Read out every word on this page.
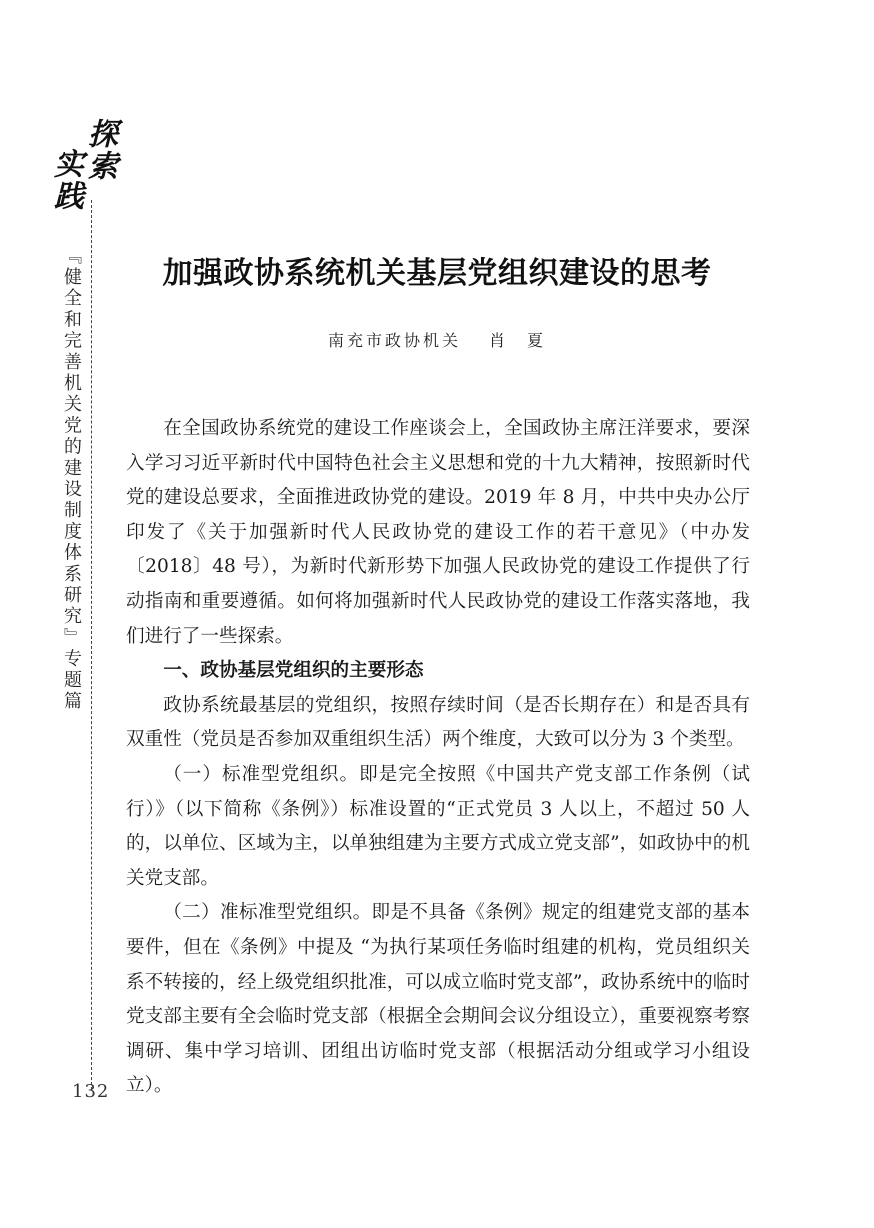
探索
实践
『健全和完善机关党的建设制度体系研究』专题篇
132
加强政协系统机关基层党组织建设的思考
南充市政协机关 肖　夏

在全国政协系统党的建设工作座谈会上，全国政协主席汪洋要求，要深入学习习近平新时代中国特色社会主义思想和党的十九大精神，按照新时代党的建设总要求，全面推进政协党的建设。2019 年 8 月，中共中央办公厅印发了《关于加强新时代人民政协党的建设工作的若干意见》（中办发〔2018〕48 号），为新时代新形势下加强人民政协党的建设工作提供了行动指南和重要遵循。如何将加强新时代人民政协党的建设工作落实落地，我们进行了一些探索。

一、政协基层党组织的主要形态

政协系统最基层的党组织，按照存续时间（是否长期存在）和是否具有双重性（党员是否参加双重组织生活）两个维度，大致可以分为 3 个类型。

（一）标准型党组织。即是完全按照《中国共产党支部工作条例（试行）》（以下简称《条例》）标准设置的“正式党员 3 人以上，不超过 50 人的，以单位、区域为主，以单独组建为主要方式成立党支部”，如政协中的机关党支部。

（二）准标准型党组织。即是不具备《条例》规定的组建党支部的基本要件，但在《条例》中提及 “为执行某项任务临时组建的机构，党员组织关系不转接的，经上级党组织批准，可以成立临时党支部”，政协系统中的临时党支部主要有全会临时党支部（根据全会期间会议分组设立），重要视察考察调研、集中学习培训、团组出访临时党支部（根据活动分组或学习小组设立）。
